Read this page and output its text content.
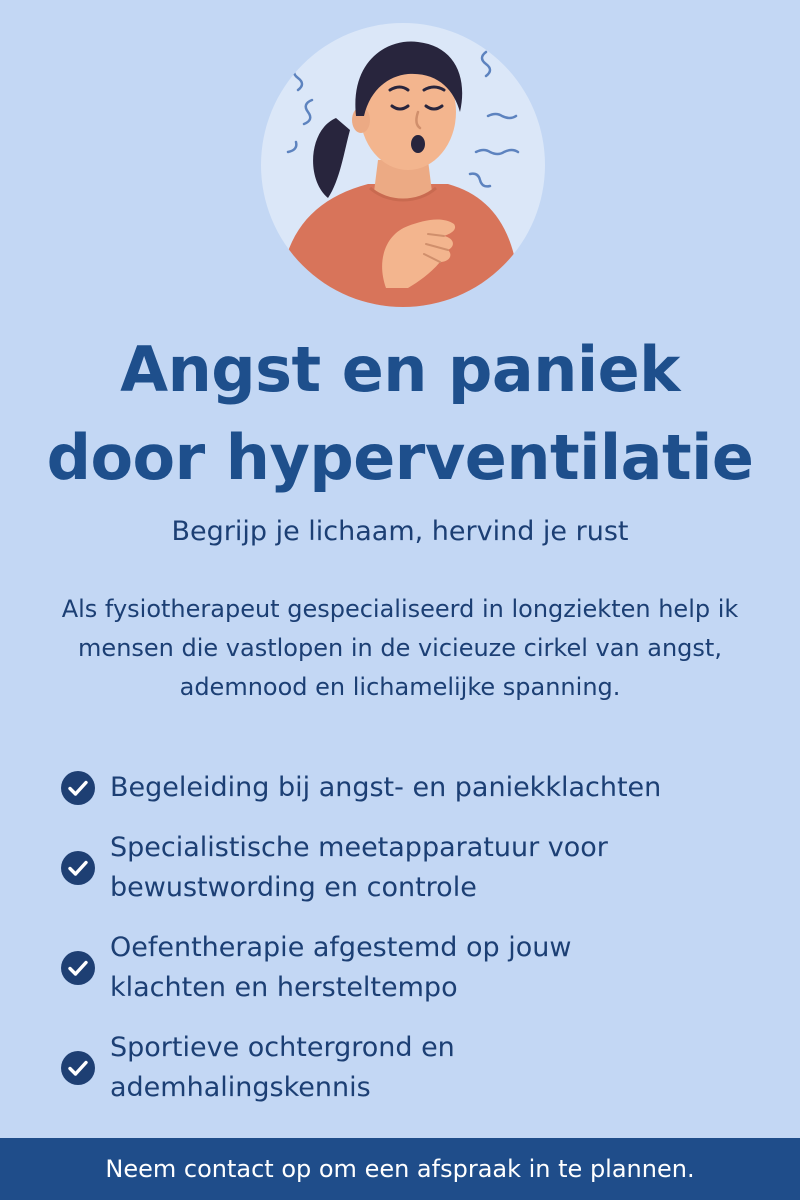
Angst en paniek
door hyperventilatie

Begrijp je lichaam, hervind je rust

Als fysiotherapeut gespecialiseerd in longziekten help ik mensen die vastlopen in de vicieuze cirkel van angst, ademnood en lichamelijke spanning.

Begeleiding bij angst- en paniekklachten
Specialistische meetapparatuur voor
bewustwording en controle
Oefentherapie afgestemd op jouw
klachten en hersteltempo
Sportieve ochtergrond en
ademhalingskennis
Neem contact op om een afspraak in te plannen.
